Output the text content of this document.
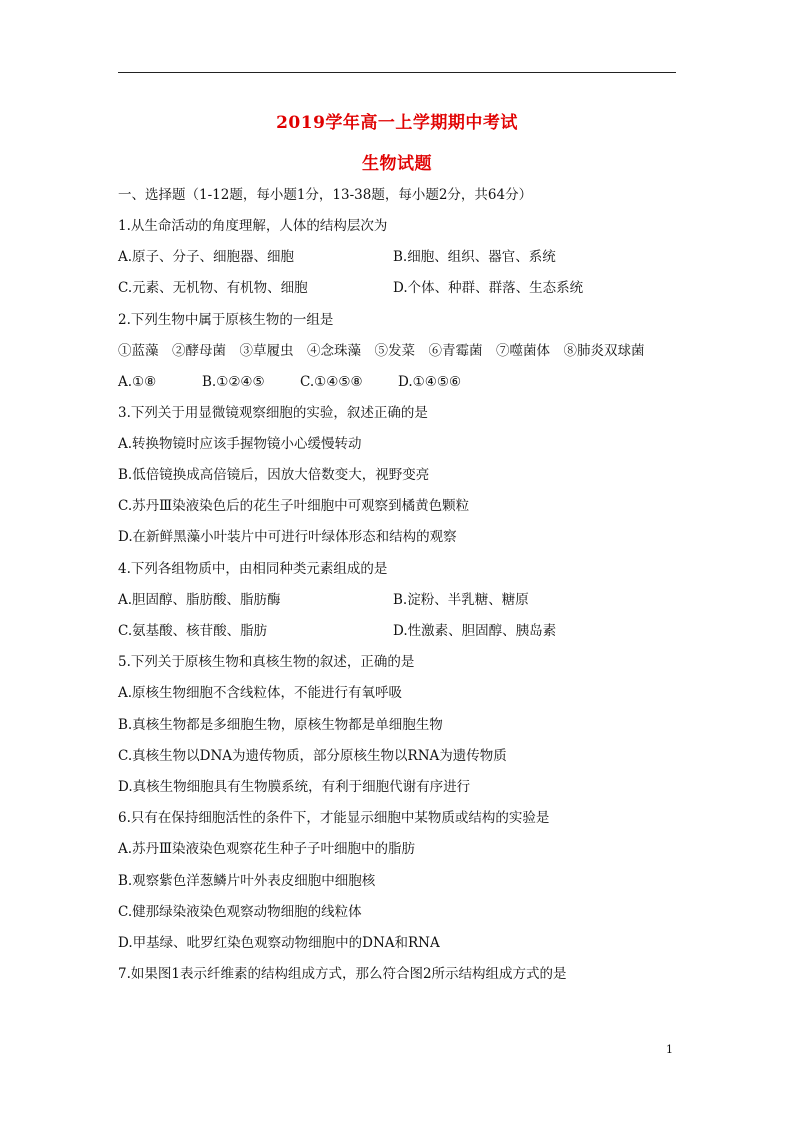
2019学年高一上学期期中考试
生物试题
一、选择题（1-12题，每小题1分，13-38题，每小题2分，共64分）
1.从生命活动的角度理解，人体的结构层次为
A.原子、分子、细胞器、细胞	B.细胞、组织、器官、系统
C.元素、无机物、有机物、细胞	D.个体、种群、群落、生态系统
2.下列生物中属于原核生物的一组是
①蓝藻　②酵母菌　③草履虫　④念珠藻　⑤发菜　⑥青霉菌　⑦噬菌体　⑧肺炎双球菌
A.①⑧	B.①②④⑤	C.①④⑤⑧	D.①④⑤⑥
3.下列关于用显微镜观察细胞的实验，叙述正确的是
A.转换物镜时应该手握物镜小心缓慢转动
B.低倍镜换成高倍镜后，因放大倍数变大，视野变亮
C.苏丹Ⅲ染液染色后的花生子叶细胞中可观察到橘黄色颗粒
D.在新鲜黑藻小叶装片中可进行叶绿体形态和结构的观察
4.下列各组物质中，由相同种类元素组成的是
A.胆固醇、脂肪酸、脂肪酶	B.淀粉、半乳糖、糖原
C.氨基酸、核苷酸、脂肪	D.性激素、胆固醇、胰岛素
5.下列关于原核生物和真核生物的叙述，正确的是
A.原核生物细胞不含线粒体，不能进行有氧呼吸
B.真核生物都是多细胞生物，原核生物都是单细胞生物
C.真核生物以DNA为遗传物质，部分原核生物以RNA为遗传物质
D.真核生物细胞具有生物膜系统，有利于细胞代谢有序进行
6.只有在保持细胞活性的条件下，才能显示细胞中某物质或结构的实验是
A.苏丹Ⅲ染液染色观察花生种子子叶细胞中的脂肪
B.观察紫色洋葱鳞片叶外表皮细胞中细胞核
C.健那绿染液染色观察动物细胞的线粒体
D.甲基绿、吡罗红染色观察动物细胞中的DNA和RNA
7.如果图1表示纤维素的结构组成方式，那么符合图2所示结构组成方式的是
1
